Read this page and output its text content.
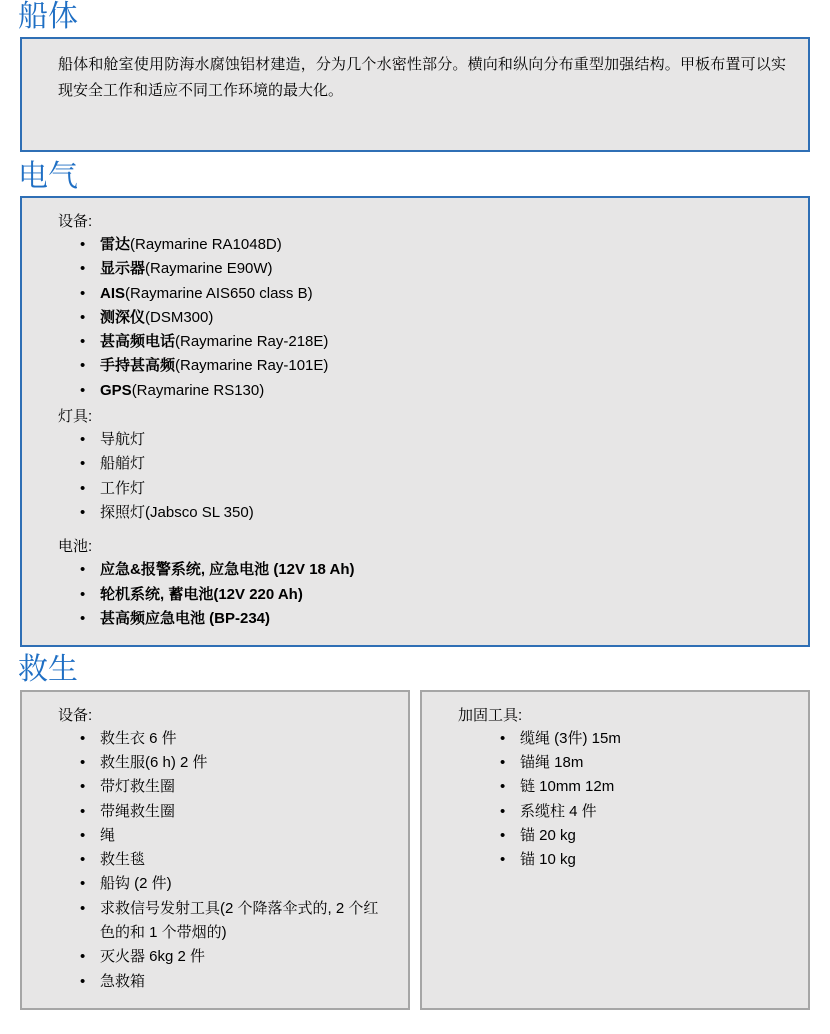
船体
船体和舱室使用防海水腐蚀铝材建造，分为几个水密性部分。横向和纵向分布重型加强结构。甲板布置可以实现安全工作和适应不同工作环境的最大化。
电气
设备:
• 雷达(Raymarine RA1048D)
• 显示器(Raymarine E90W)
• AIS(Raymarine AIS650 class B)
• 测深仪(DSM300)
• 甚高频电话(Raymarine Ray-218E)
• 手持甚高频(Raymarine Ray-101E)
• GPS(Raymarine RS130)
灯具:
• 导航灯
• 船艏灯
• 工作灯
• 探照灯(Jabsco SL 350)
电池:
• 应急&报警系统, 应急电池 (12V 18 Ah)
• 轮机系统, 蓄电池(12V 220 Ah)
• 甚高频应急电池 (BP-234)
救生
设备:
• 救生衣 6 件
• 救生服(6 h) 2 件
• 带灯救生圈
• 带绳救生圈
• 绳
• 救生毯
• 船钩 (2 件)
• 求救信号发射工具(2 个降落伞式的, 2 个红色的和 1 个带烟的)
• 灭火器 6kg 2 件
• 急救箱
加固工具:
• 缆绳 (3件) 15m
• 锚绳 18m
• 链 10mm 12m
• 系缆柱 4 件
• 锚 20 kg
• 锚 10 kg
